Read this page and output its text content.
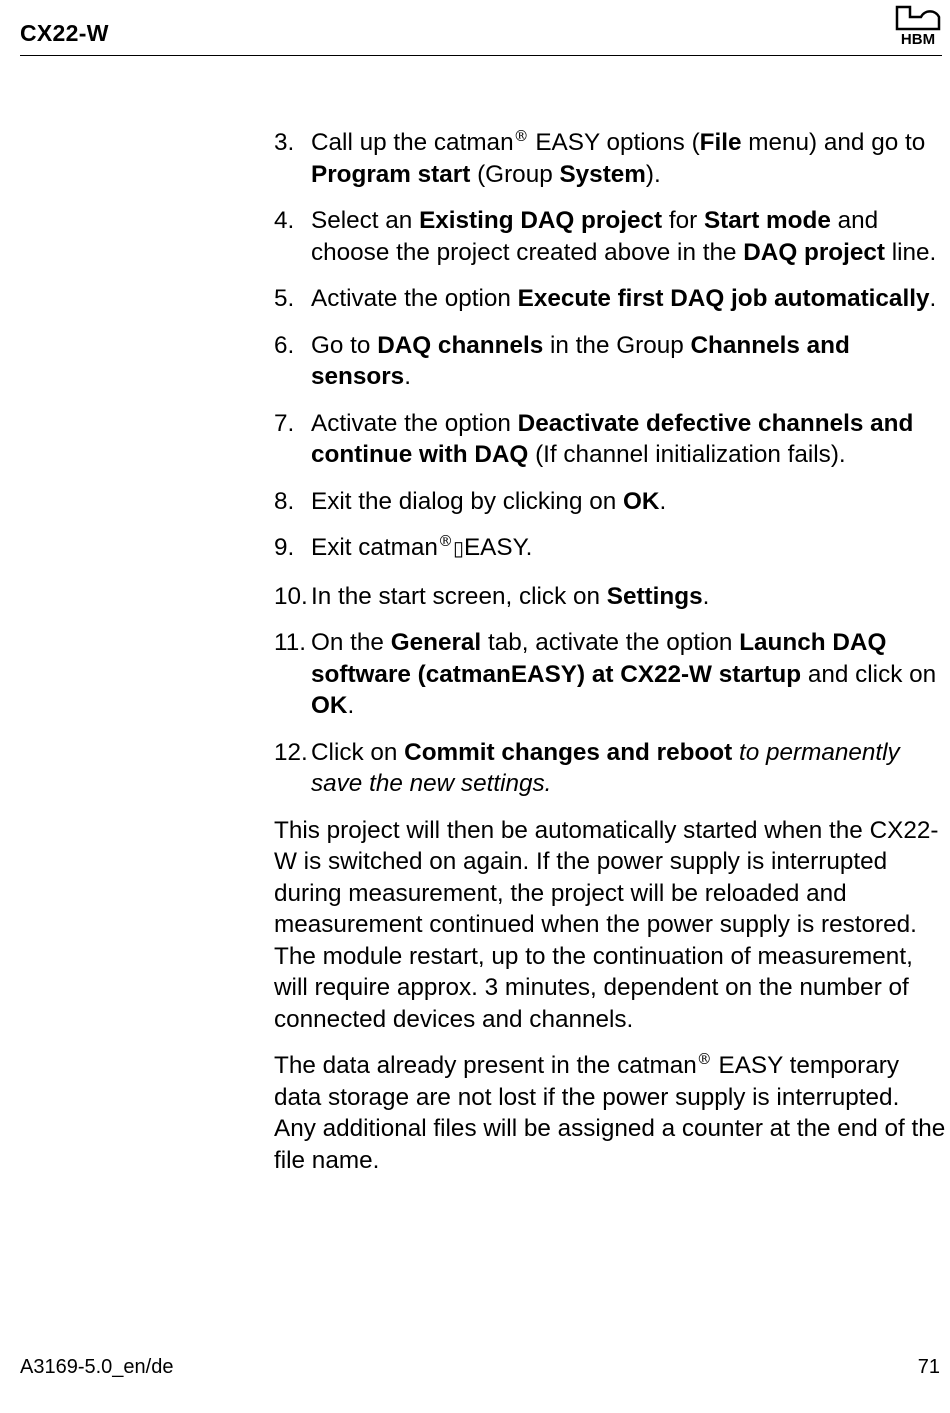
CX22-W	HBM
3. Call up the catman® EASY options (File menu) and go to Program start (Group System).
4. Select an Existing DAQ project for Start mode and choose the project created above in the DAQ project line.
5. Activate the option Execute first DAQ job automatically.
6. Go to DAQ channels in the Group Channels and sensors.
7. Activate the option Deactivate defective channels and continue with DAQ (If channel initialization fails).
8. Exit the dialog by clicking on OK.
9. Exit catman®▯EASY.
10. In the start screen, click on Settings.
11. On the General tab, activate the option Launch DAQ software (catmanEASY) at CX22-W startup and click on OK.
12. Click on Commit changes and reboot to permanently save the new settings.

This project will then be automatically started when the CX22-W is switched on again. If the power supply is interrupted during measurement, the project will be reloaded and measurement continued when the power supply is restored. The module restart, up to the continuation of measurement, will require approx. 3 minutes, dependent on the number of connected devices and channels.

The data already present in the catman® EASY temporary data storage are not lost if the power supply is interrupted. Any additional files will be assigned a counter at the end of the file name.

A3169-5.0_en/de	71
